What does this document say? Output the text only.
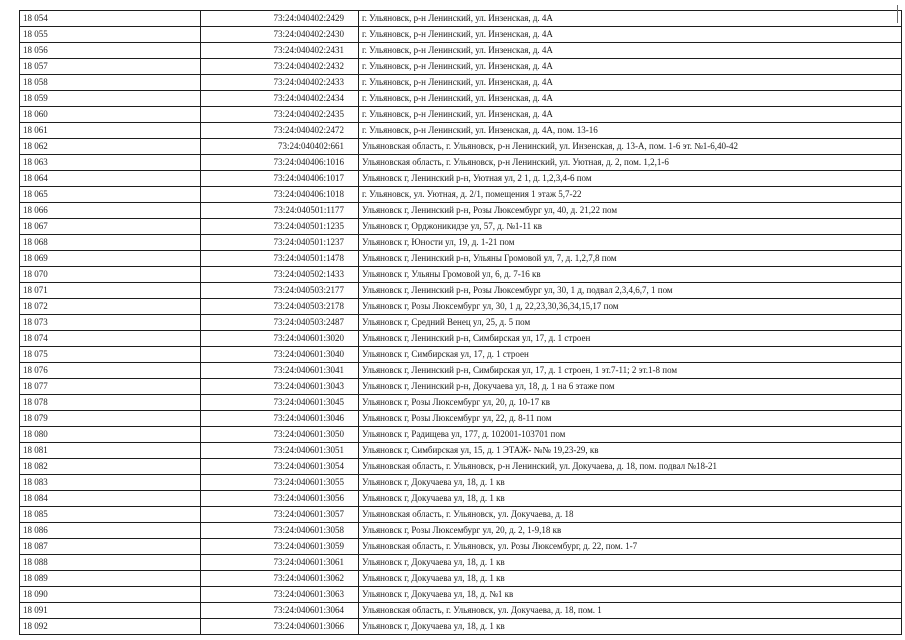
18 054	73:24:040402:2429	г. Ульяновск, р-н Ленинский, ул. Инзенская, д. 4А
18 055	73:24:040402:2430	г. Ульяновск, р-н Ленинский, ул. Инзенская, д. 4А
18 056	73:24:040402:2431	г. Ульяновск, р-н Ленинский, ул. Инзенская, д. 4А
18 057	73:24:040402:2432	г. Ульяновск, р-н Ленинский, ул. Инзенская, д. 4А
18 058	73:24:040402:2433	г. Ульяновск, р-н Ленинский, ул. Инзенская, д. 4А
18 059	73:24:040402:2434	г. Ульяновск, р-н Ленинский, ул. Инзенская, д. 4А
18 060	73:24:040402:2435	г. Ульяновск, р-н Ленинский, ул. Инзенская, д. 4А
18 061	73:24:040402:2472	г. Ульяновск, р-н Ленинский, ул. Инзенская, д. 4А, пом. 13-16
18 062	73:24:040402:661	Ульяновская область, г. Ульяновск, р-н Ленинский, ул. Инзенская, д. 13-А, пом. 1-6 эт. №1-6,40-42
18 063	73:24:040406:1016	Ульяновская область, г. Ульяновск, р-н Ленинский, ул. Уютная, д. 2, пом. 1,2,1-6
18 064	73:24:040406:1017	Ульяновск г, Ленинский р-н, Уютная ул, 2 1, д. 1,2,3,4-6 пом
18 065	73:24:040406:1018	г. Ульяновск, ул. Уютная, д. 2/1, помещения 1 этаж 5,7-22
18 066	73:24:040501:1177	Ульяновск г, Ленинский р-н, Розы Люксембург ул, 40, д. 21,22 пом
18 067	73:24:040501:1235	Ульяновск г, Орджоникидзе ул, 57, д. №1-11 кв
18 068	73:24:040501:1237	Ульяновск г, Юности ул, 19, д. 1-21 пом
18 069	73:24:040501:1478	Ульяновск г, Ленинский р-н, Ульяны Громовой ул, 7, д. 1,2,7,8 пом
18 070	73:24:040502:1433	Ульяновск г, Ульяны Громовой ул, 6, д. 7-16 кв
18 071	73:24:040503:2177	Ульяновск г, Ленинский р-н, Розы Люксембург ул, 30, 1 д, подвал 2,3,4,6,7, 1 пом
18 072	73:24:040503:2178	Ульяновск г, Розы Люксембург ул, 30, 1 д, 22,23,30,36,34,15,17 пом
18 073	73:24:040503:2487	Ульяновск г, Средний Венец ул, 25, д. 5 пом
18 074	73:24:040601:3020	Ульяновск г, Ленинский р-н, Симбирская ул, 17, д. 1 строен
18 075	73:24:040601:3040	Ульяновск г, Симбирская ул, 17, д. 1 строен
18 076	73:24:040601:3041	Ульяновск г, Ленинский р-н, Симбирская ул, 17, д. 1 строен, 1 эт.7-11; 2 эт.1-8 пом
18 077	73:24:040601:3043	Ульяновск г, Ленинский р-н, Докучаева ул, 18, д. 1 на 6 этаже пом
18 078	73:24:040601:3045	Ульяновск г, Розы Люксембург ул, 20, д. 10-17 кв
18 079	73:24:040601:3046	Ульяновск г, Розы Люксембург ул, 22, д. 8-11 пом
18 080	73:24:040601:3050	Ульяновск г, Радищева ул, 177, д. 102001-103701 пом
18 081	73:24:040601:3051	Ульяновск г, Симбирская ул, 15, д. 1 ЭТАЖ- №№ 19,23-29, кв
18 082	73:24:040601:3054	Ульяновская область, г. Ульяновск, р-н Ленинский, ул. Докучаева, д. 18, пом. подвал №18-21
18 083	73:24:040601:3055	Ульяновск г, Докучаева ул, 18, д. 1 кв
18 084	73:24:040601:3056	Ульяновск г, Докучаева ул, 18, д. 1 кв
18 085	73:24:040601:3057	Ульяновская область, г. Ульяновск, ул. Докучаева, д. 18
18 086	73:24:040601:3058	Ульяновск г, Розы Люксембург ул, 20, д. 2, 1-9,18 кв
18 087	73:24:040601:3059	Ульяновская область, г. Ульяновск, ул. Розы Люксембург, д. 22, пом. 1-7
18 088	73:24:040601:3061	Ульяновск г, Докучаева ул, 18, д. 1 кв
18 089	73:24:040601:3062	Ульяновск г, Докучаева ул, 18, д. 1 кв
18 090	73:24:040601:3063	Ульяновск г, Докучаева ул, 18, д. №1 кв
18 091	73:24:040601:3064	Ульяновская область, г. Ульяновск, ул. Докучаева, д. 18, пом. 1
18 092	73:24:040601:3066	Ульяновск г, Докучаева ул, 18, д. 1 кв
